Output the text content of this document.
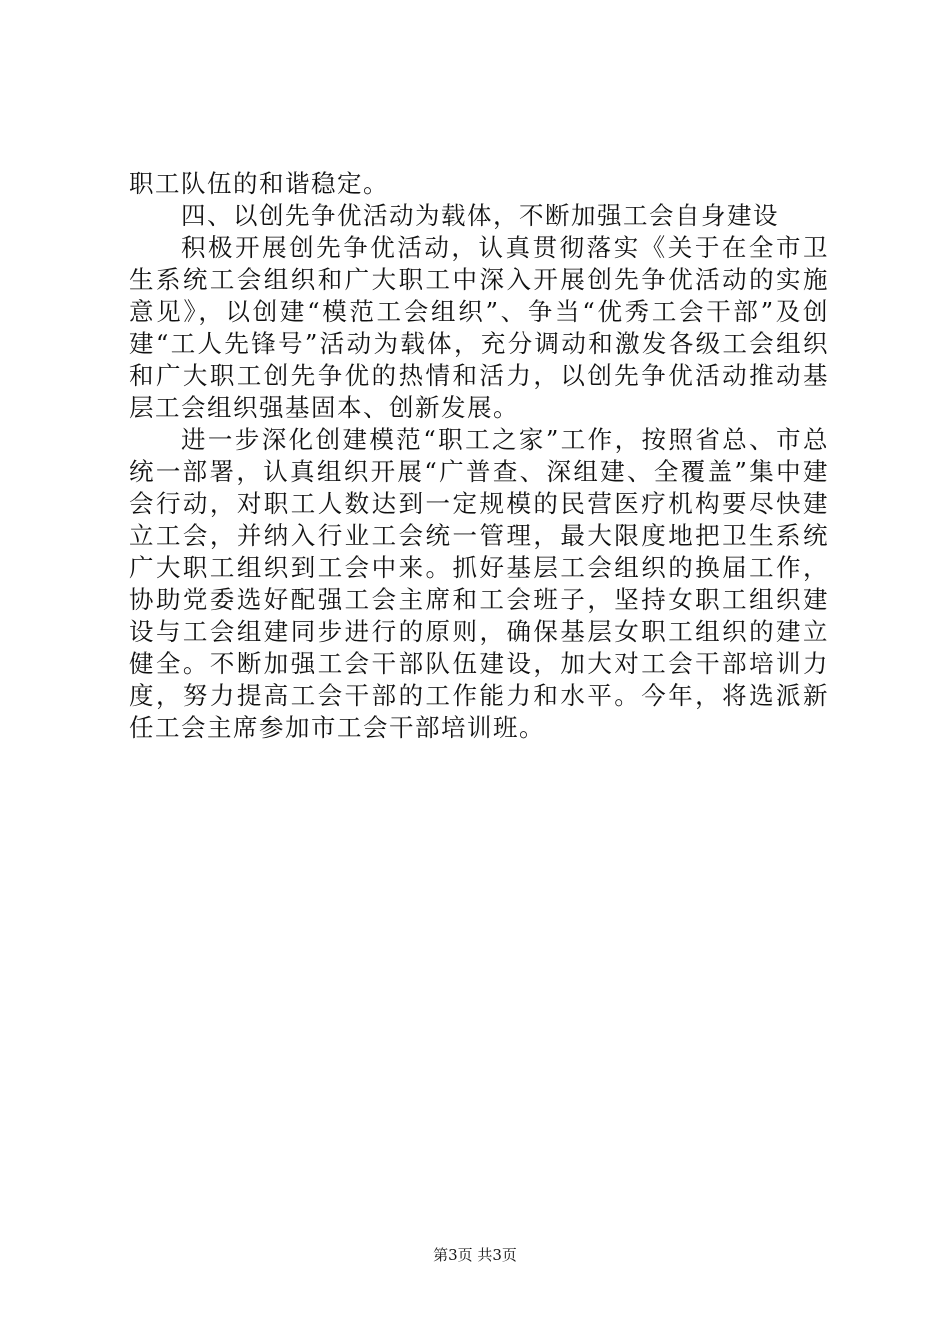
职工队伍的和谐稳定。

四、以创先争优活动为载体，不断加强工会自身建设

积极开展创先争优活动，认真贯彻落实《关于在全市卫生系统工会组织和广大职工中深入开展创先争优活动的实施意见》，以创建“模范工会组织”、争当“优秀工会干部”及创建“工人先锋号”活动为载体，充分调动和激发各级工会组织和广大职工创先争优的热情和活力，以创先争优活动推动基层工会组织强基固本、创新发展。

进一步深化创建模范“职工之家”工作，按照省总、市总统一部署，认真组织开展“广普查、深组建、全覆盖”集中建会行动，对职工人数达到一定规模的民营医疗机构要尽快建立工会，并纳入行业工会统一管理，最大限度地把卫生系统广大职工组织到工会中来。抓好基层工会组织的换届工作，协助党委选好配强工会主席和工会班子，坚持女职工组织建设与工会组建同步进行的原则，确保基层女职工组织的建立健全。不断加强工会干部队伍建设，加大对工会干部培训力度，努力提高工会干部的工作能力和水平。今年，将选派新任工会主席参加市工会干部培训班。

第3页 共3页
